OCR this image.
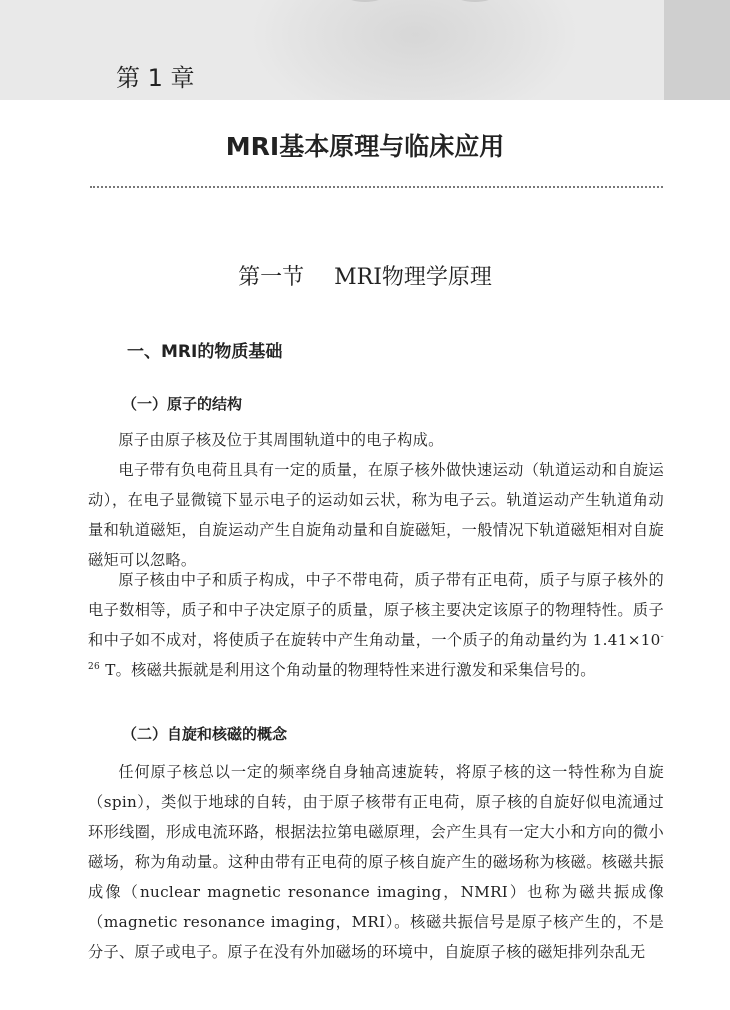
第 1 章
MRI基本原理与临床应用
第一节 MRI物理学原理
一、MRI的物质基础
（一）原子的结构

原子由原子核及位于其周围轨道中的电子构成。

电子带有负电荷且具有一定的质量，在原子核外做快速运动（轨道运动和自旋运动），在电子显微镜下显示电子的运动如云状，称为电子云。轨道运动产生轨道角动量和轨道磁矩，自旋运动产生自旋角动量和自旋磁矩，一般情况下轨道磁矩相对自旋磁矩可以忽略。

原子核由中子和质子构成，中子不带电荷，质子带有正电荷，质子与原子核外的电子数相等，质子和中子决定原子的质量，原子核主要决定该原子的物理特性。质子和中子如不成对，将使质子在旋转中产生角动量，一个质子的角动量约为 $1.41\times 10^{-26}$ T。核磁共振就是利用这个角动量的物理特性来进行激发和采集信号的。

（二）自旋和核磁的概念

任何原子核总以一定的频率绕自身轴高速旋转，将原子核的这一特性称为自旋（spin），类似于地球的自转，由于原子核带有正电荷，原子核的自旋好似电流通过环形线圈，形成电流环路，根据法拉第电磁原理，会产生具有一定大小和方向的微小磁场，称为角动量。这种由带有正电荷的原子核自旋产生的磁场称为核磁。核磁共振成像（nuclear magnetic resonance imaging，NMRI）也称为磁共振成像（magnetic resonance imaging，MRI）。核磁共振信号是原子核产生的，不是分子、原子或电子。原子在没有外加磁场的环境中，自旋原子核的磁矩排列杂乱无
